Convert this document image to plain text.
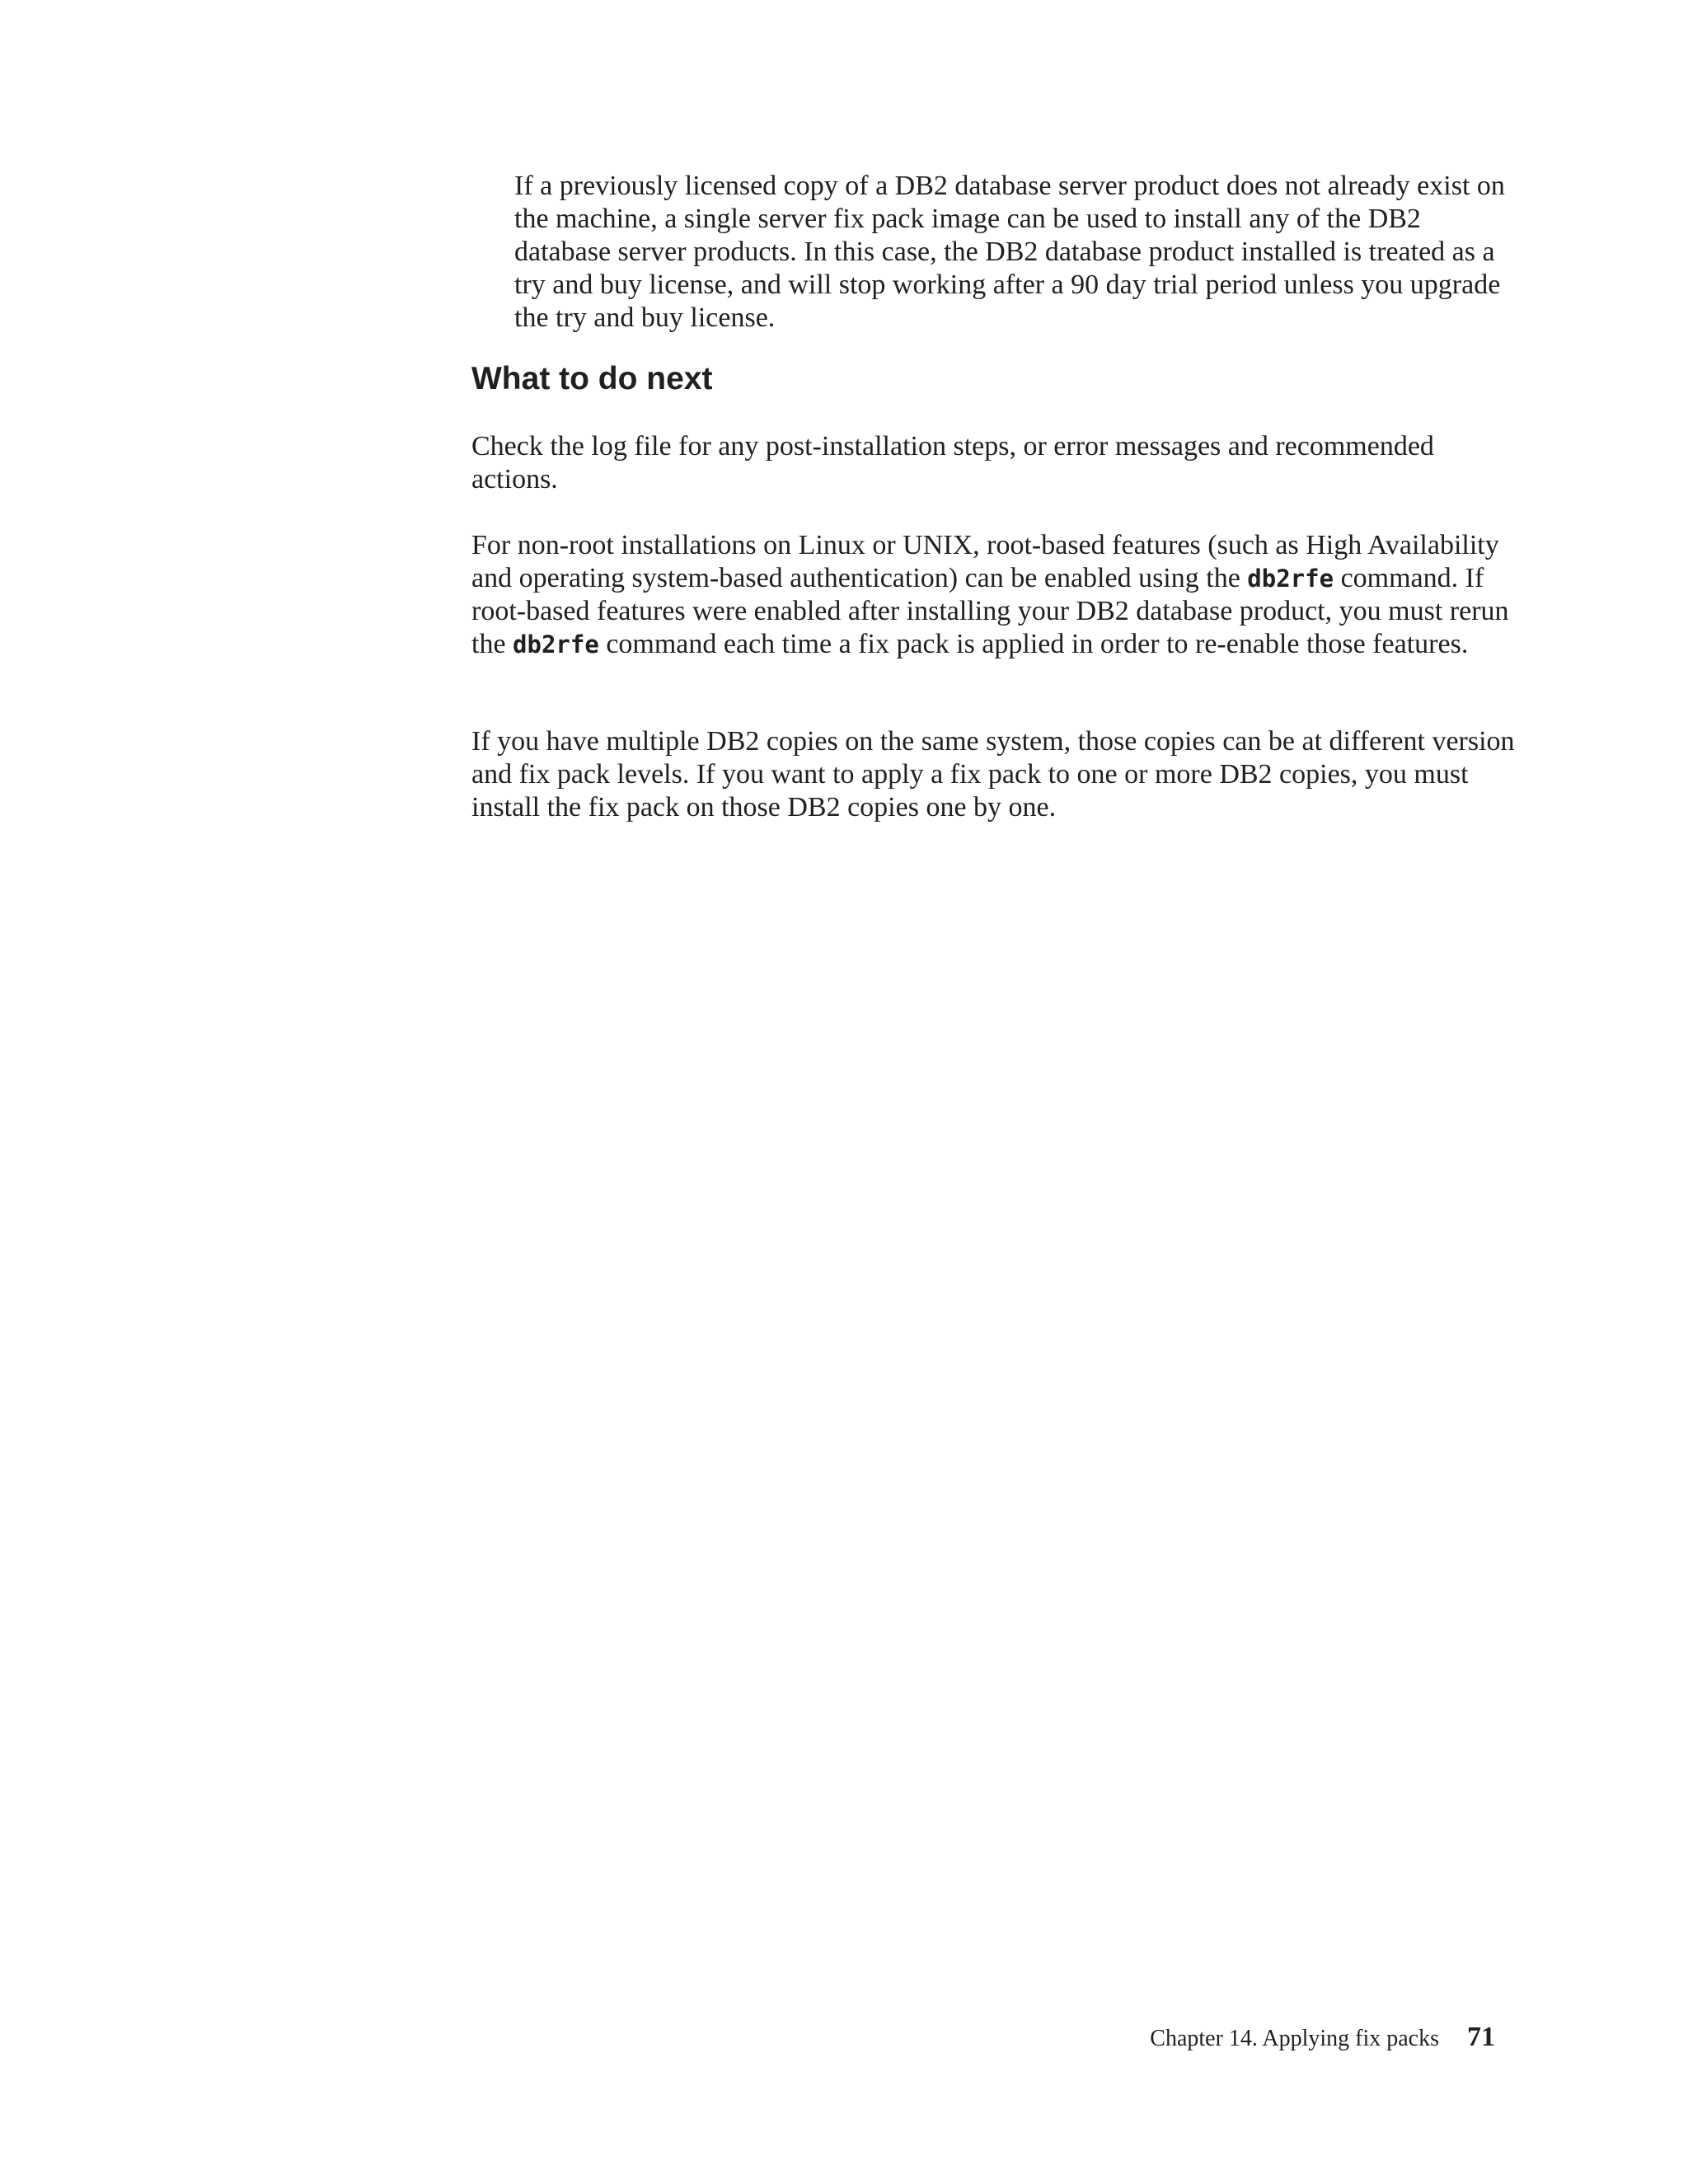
If a previously licensed copy of a DB2 database server product does not already exist on the machine, a single server fix pack image can be used to install any of the DB2 database server products. In this case, the DB2 database product installed is treated as a try and buy license, and will stop working after a 90 day trial period unless you upgrade the try and buy license.

What to do next

Check the log file for any post-installation steps, or error messages and recommended actions.

For non-root installations on Linux or UNIX, root-based features (such as High Availability and operating system-based authentication) can be enabled using the db2rfe command. If root-based features were enabled after installing your DB2 database product, you must rerun the db2rfe command each time a fix pack is applied in order to re-enable those features.

If you have multiple DB2 copies on the same system, those copies can be at different version and fix pack levels. If you want to apply a fix pack to one or more DB2 copies, you must install the fix pack on those DB2 copies one by one.

Chapter 14. Applying fix packs 71
